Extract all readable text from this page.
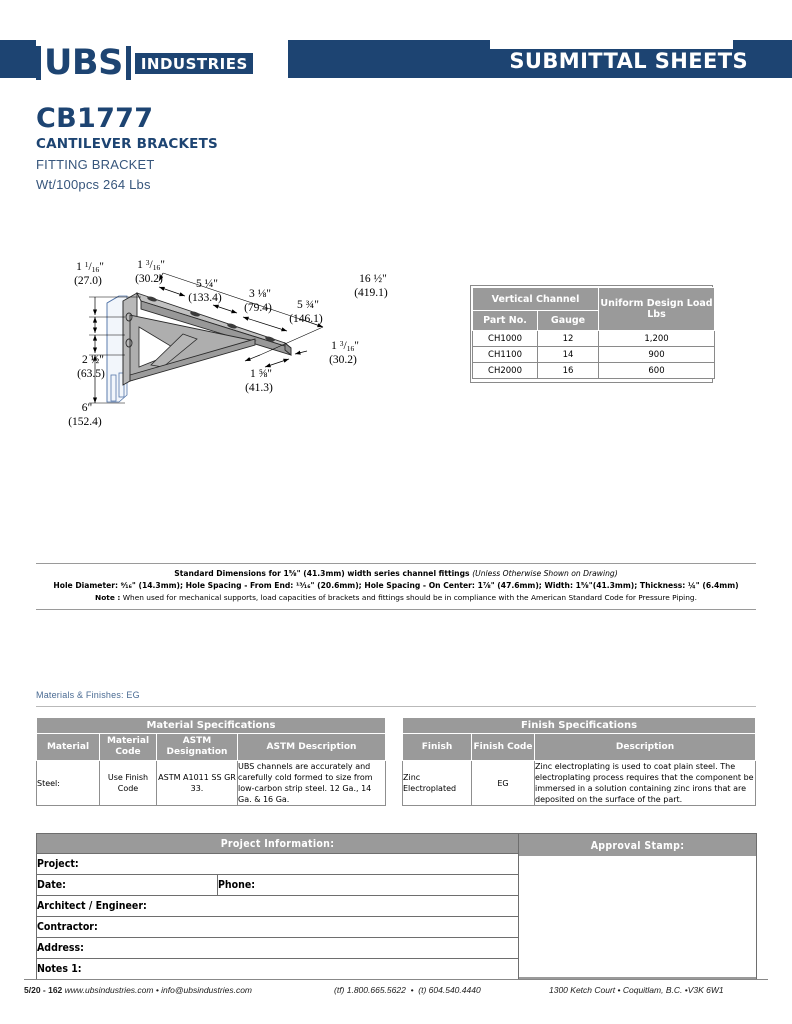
UBS	INDUSTRIES	SUBMITTAL SHEETS
CB1777
CANTILEVER BRACKETS
FITTING BRACKET
Wt/100pcs 264 Lbs
1 $^1$/16"
(27.0)
1 $^3$/16"
(30.2)	5 ¼"
(133.4) 3 ⅛"
(79.4) 5 ¾"
(146.1)
16 ½"
(419.1)
1 $^3$/16"
(30.2)
2 ½"
(63.5)
6"
(152.4)
1 ⅝"
(41.3)
Vertical Channel		Uniform Design Load Lbs
Part No.	Gauge	
CH1000	12	1,200
CH1100	14	900
CH2000	16	600
Standard Dimensions for 1⅝" (41.3mm) width series channel fittings (Unless Otherwise Shown on Drawing)
Hole Diameter: ⁹⁄₁₆" (14.3mm); Hole Spacing - From End: ¹³⁄₁₆" (20.6mm); Hole Spacing - On Center: 1⅞" (47.6mm); Width: 1⅝"(41.3mm); Thickness: ¼" (6.4mm)
Note : When used for mechanical supports, load capacities of brackets and fittings should be in compliance with the American Standard Code for Pressure Piping.
Materials & Finishes: EG
Material Specifications			
Material	Material Code	ASTM Designation	ASTM Description
Steel:	Use Finish Code	ASTM A1011 SS GR 33.	UBS channels are accurately and carefully cold formed to size from low-carbon strip steel. 12 Ga., 14 Ga. & 16 Ga.
Finish Specifications		
Finish	Finish Code	Description
Zinc Electroplated	EG	Zinc electroplating is used to coat plain steel. The electroplating process requires that the component be immersed in a solution containing zinc irons that are deposited on the surface of the part.
Project Information:		Approval Stamp:

Project:		
Date:	Phone:	
Architect / Engineer:		
Contractor:		
Address:		
Notes 1:		
5/20 - 162 www.ubsindustries.com • info@ubsindustries.com	(tf) 1.800.665.5622  •  (t) 604.540.4440	1300 Ketch Court • Coquitlam, B.C. •V3K 6W1
